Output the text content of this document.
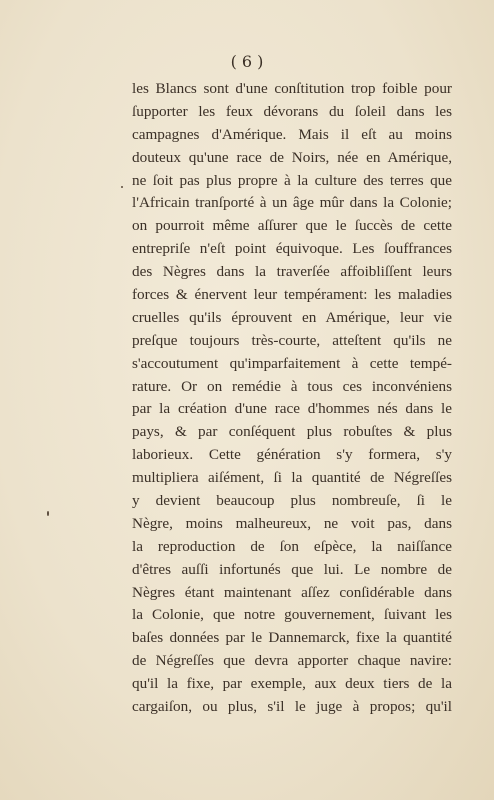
( 6 )
les Blancs sont d'une conſtitution trop foible pour
ſupporter les feux dévorans du ſoleil dans les
campagnes d'Amérique. Mais il eſt au moins
douteux qu'une race de Noirs, née en Amérique,
ne ſoit pas plus propre à la culture des terres que
l'Africain tranſporté à un âge mûr dans la Colonie;
on pourroit même aſſurer que le ſuccès de cette
entrepriſe n'eſt point équivoque. Les ſouffrances
des Nègres dans la traverſée affoibliſſent leurs
forces & énervent leur tempérament: les maladies
cruelles qu'ils éprouvent en Amérique, leur vie
preſque toujours très-courte, atteſtent qu'ils ne
s'accoutument qu'imparfaitement à cette tempé-
rature. Or on remédie à tous ces inconvéniens
par la création d'une race d'hommes nés dans le
pays, & par conſéquent plus robuſtes & plus
laborieux. Cette génération s'y formera, s'y
multipliera aiſément, ſi la quantité de Négreſſes
y devient beaucoup plus nombreuſe, ſi le
Nègre, moins malheureux, ne voit pas, dans
la reproduction de ſon eſpèce, la naiſſance
d'êtres auſſi infortunés que lui. Le nombre de
Nègres étant maintenant aſſez conſidérable dans
la Colonie, que notre gouvernement, ſuivant les
baſes données par le Dannemarck, fixe la quantité
de Négreſſes que devra apporter chaque navire:
qu'il la fixe, par exemple, aux deux tiers de la
cargaiſon, ou plus, s'il le juge à propos; qu'il
